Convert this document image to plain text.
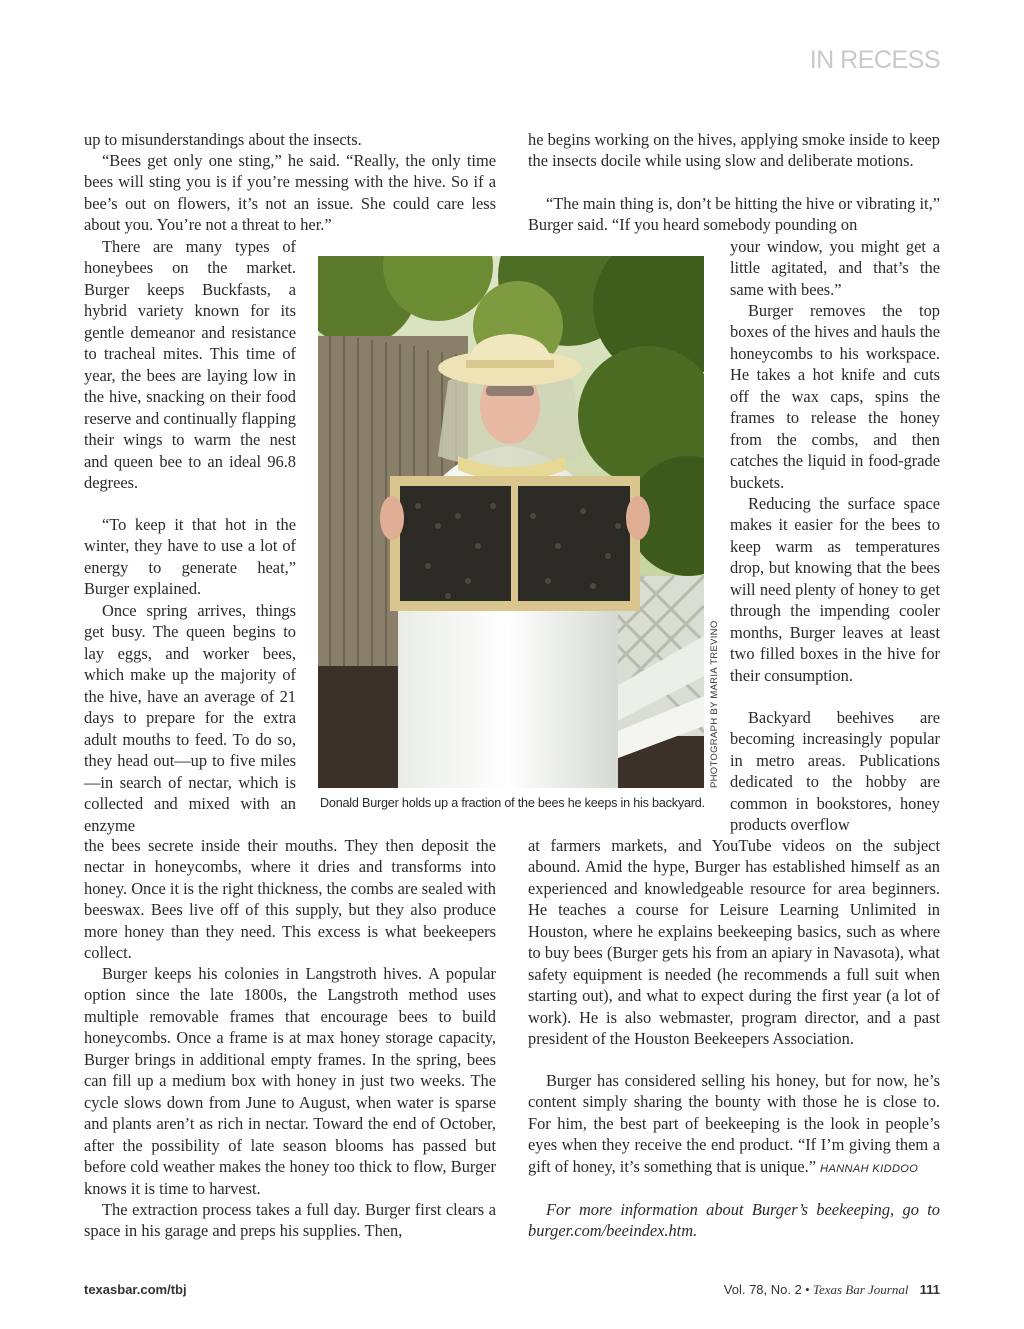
IN RECESS

up to misunderstandings about the insects.

“Bees get only one sting,” he said. “Really, the only time bees will sting you is if you’re messing with the hive. So if a bee’s out on flowers, it’s not an issue. She could care less about you. You’re not a threat to her.”

There are many types of honeybees on the market. Burger keeps Buckfasts, a hybrid variety known for its gentle demeanor and resistance to tracheal mites. This time of year, the bees are laying low in the hive, snacking on their food reserve and continually flapping their wings to warm the nest and queen bee to an ideal 96.8 degrees.

“To keep it that hot in the winter, they have to use a lot of energy to generate heat,” Burger explained.

Once spring arrives, things get busy. The queen begins to lay eggs, and worker bees, which make up the majority of the hive, have an average of 21 days to prepare for the extra adult mouths to feed. To do so, they head out—up to five miles—in search of nectar, which is collected and mixed with an enzyme

the bees secrete inside their mouths. They then deposit the nectar in honeycombs, where it dries and transforms into honey. Once it is the right thickness, the combs are sealed with beeswax. Bees live off of this supply, but they also produce more honey than they need. This excess is what beekeepers collect.

Burger keeps his colonies in Langstroth hives. A popular option since the late 1800s, the Langstroth method uses multiple removable frames that encourage bees to build honeycombs. Once a frame is at max honey storage capacity, Burger brings in additional empty frames. In the spring, bees can fill up a medium box with honey in just two weeks. The cycle slows down from June to August, when water is sparse and plants aren’t as rich in nectar. Toward the end of October, after the possibility of late season blooms has passed but before cold weather makes the honey too thick to flow, Burger knows it is time to harvest.

The extraction process takes a full day. Burger first clears a space in his garage and preps his supplies. Then,

he begins working on the hives, applying smoke inside to keep the insects docile while using slow and deliberate motions.

“The main thing is, don’t be hitting the hive or vibrating it,” Burger said. “If you heard somebody pounding on

your window, you might get a little agitated, and that’s the same with bees.”

Burger removes the top boxes of the hives and hauls the honeycombs to his workspace. He takes a hot knife and cuts off the wax caps, spins the frames to release the honey from the combs, and then catches the liquid in food-grade buckets.

Reducing the surface space makes it easier for the bees to keep warm as temperatures drop, but knowing that the bees will need plenty of honey to get through the impending cooler months, Burger leaves at least two filled boxes in the hive for their consumption.

Backyard beehives are becoming increasingly popular in metro areas. Publications dedicated to the hobby are common in bookstores, honey products overflow

at farmers markets, and YouTube videos on the subject abound. Amid the hype, Burger has established himself as an experienced and knowledgeable resource for area beginners. He teaches a course for Leisure Learning Unlimited in Houston, where he explains beekeeping basics, such as where to buy bees (Burger gets his from an apiary in Navasota), what safety equipment is needed (he recommends a full suit when starting out), and what to expect during the first year (a lot of work). He is also webmaster, program director, and a past president of the Houston Beekeepers Association.

Burger has considered selling his honey, but for now, he’s content simply sharing the bounty with those he is close to. For him, the best part of beekeeping is the look in people’s eyes when they receive the end product. “If I’m giving them a gift of honey, it’s something that is unique.” HANNAH KIDDOO

For more information about Burger’s beekeeping, go to burger.com/beeindex.htm.

PHOTOGRAPH BY MARIA TREVINO
Donald Burger holds up a fraction of the bees he keeps in his backyard.
texasbar.com/tbj	Vol. 78, No. 2 • Texas Bar Journal 111
